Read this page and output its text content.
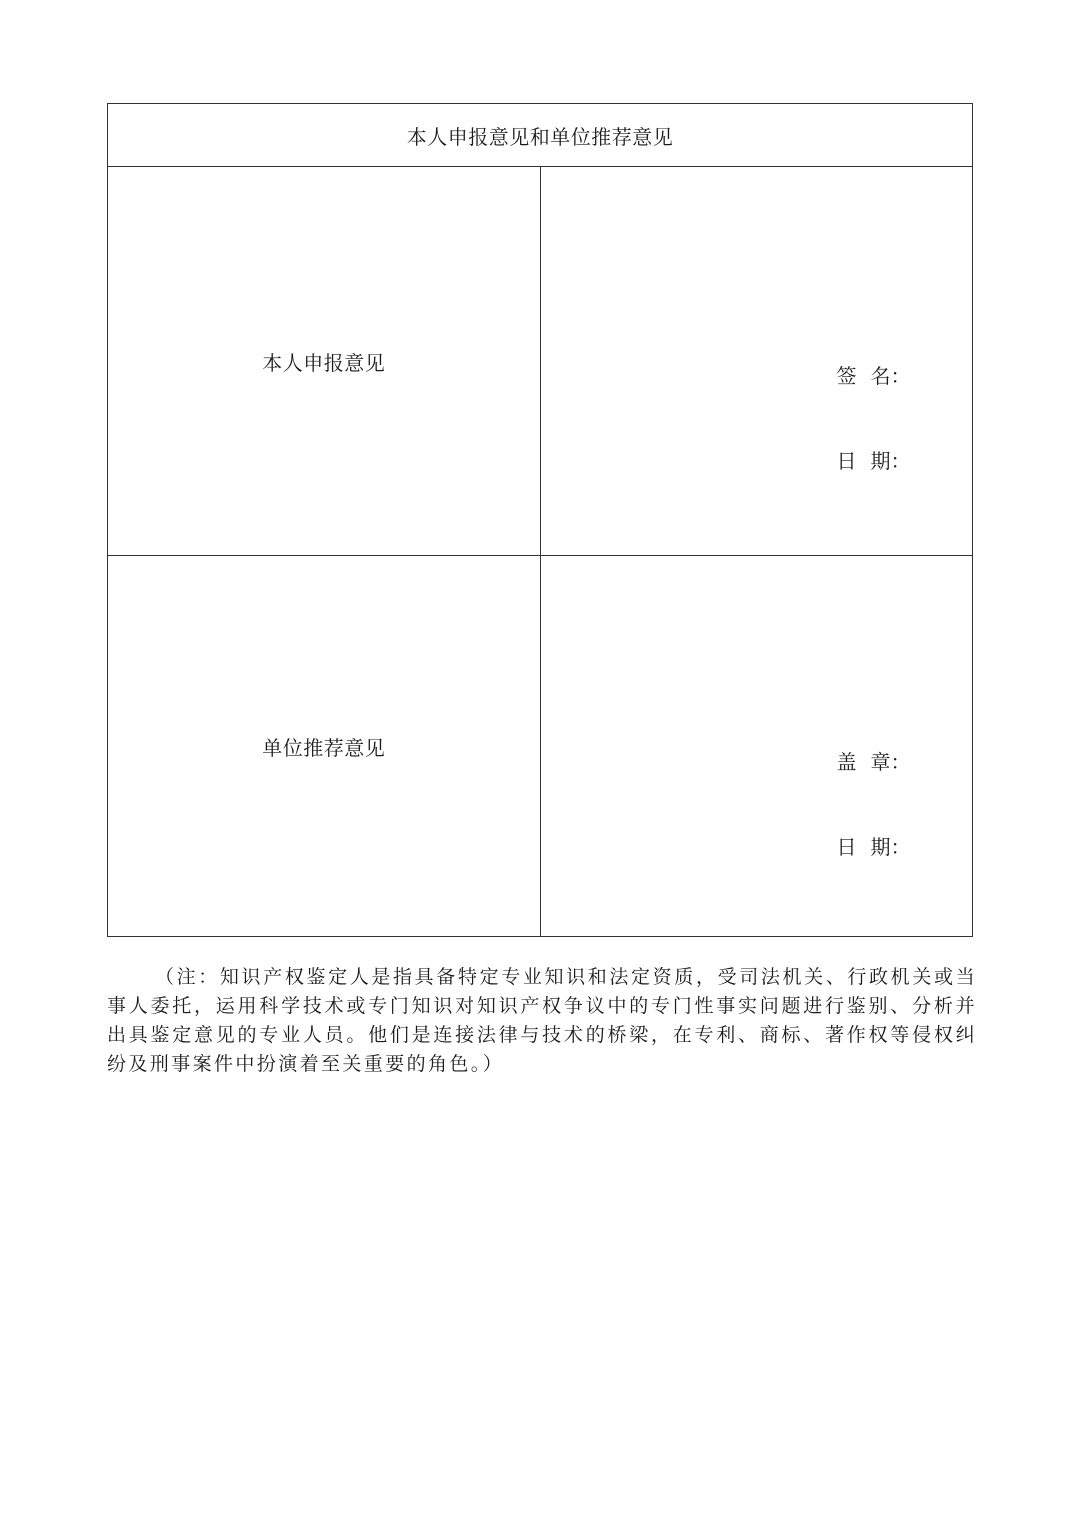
本人申报意见和单位推荐意见	
本人申报意见	签 名：
日 期：

单位推荐意见	盖 章：
日 期：

（注：知识产权鉴定人是指具备特定专业知识和法定资质，受司法机关、行政机关或当事人委托，运用科学技术或专门知识对知识产权争议中的专门性事实问题进行鉴别、分析并出具鉴定意见的专业人员。他们是连接法律与技术的桥梁，在专利、商标、著作权等侵权纠纷及刑事案件中扮演着至关重要的角色。）
